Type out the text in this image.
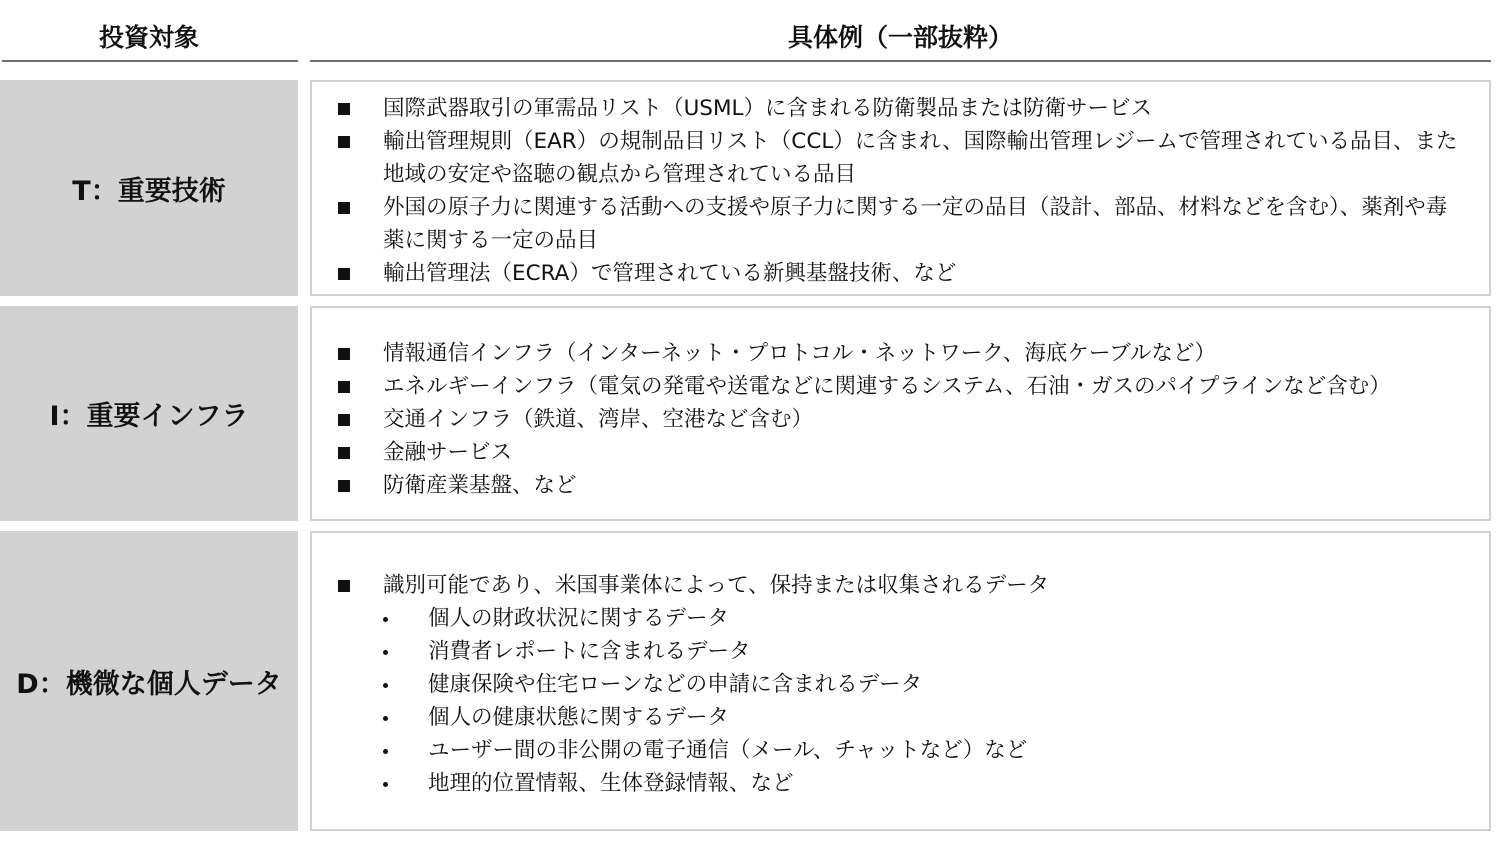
投資対象	具体例（一部抜粋）
T：重要技術
国際武器取引の軍需品リスト（USML）に含まれる防衛製品または防衛サービス
輸出管理規則（EAR）の規制品目リスト（CCL）に含まれ、国際輸出管理レジームで管理されている品目、また地域の安定や盗聴の観点から管理されている品目
外国の原子力に関連する活動への支援や原子力に関する一定の品目（設計、部品、材料などを含む）、薬剤や毒薬に関する一定の品目
輸出管理法（ECRA）で管理されている新興基盤技術、など
I：重要インフラ
情報通信インフラ（インターネット・プロトコル・ネットワーク、海底ケーブルなど）
エネルギーインフラ（電気の発電や送電などに関連するシステム、石油・ガスのパイプラインなど含む）
交通インフラ（鉄道、湾岸、空港など含む）
金融サービス
防衛産業基盤、など
D：機微な個人データ
識別可能であり、米国事業体によって、保持または収集されるデータ
個人の財政状況に関するデータ
消費者レポートに含まれるデータ
健康保険や住宅ローンなどの申請に含まれるデータ
個人の健康状態に関するデータ
ユーザー間の非公開の電子通信（メール、チャットなど）など
地理的位置情報、生体登録情報、など
